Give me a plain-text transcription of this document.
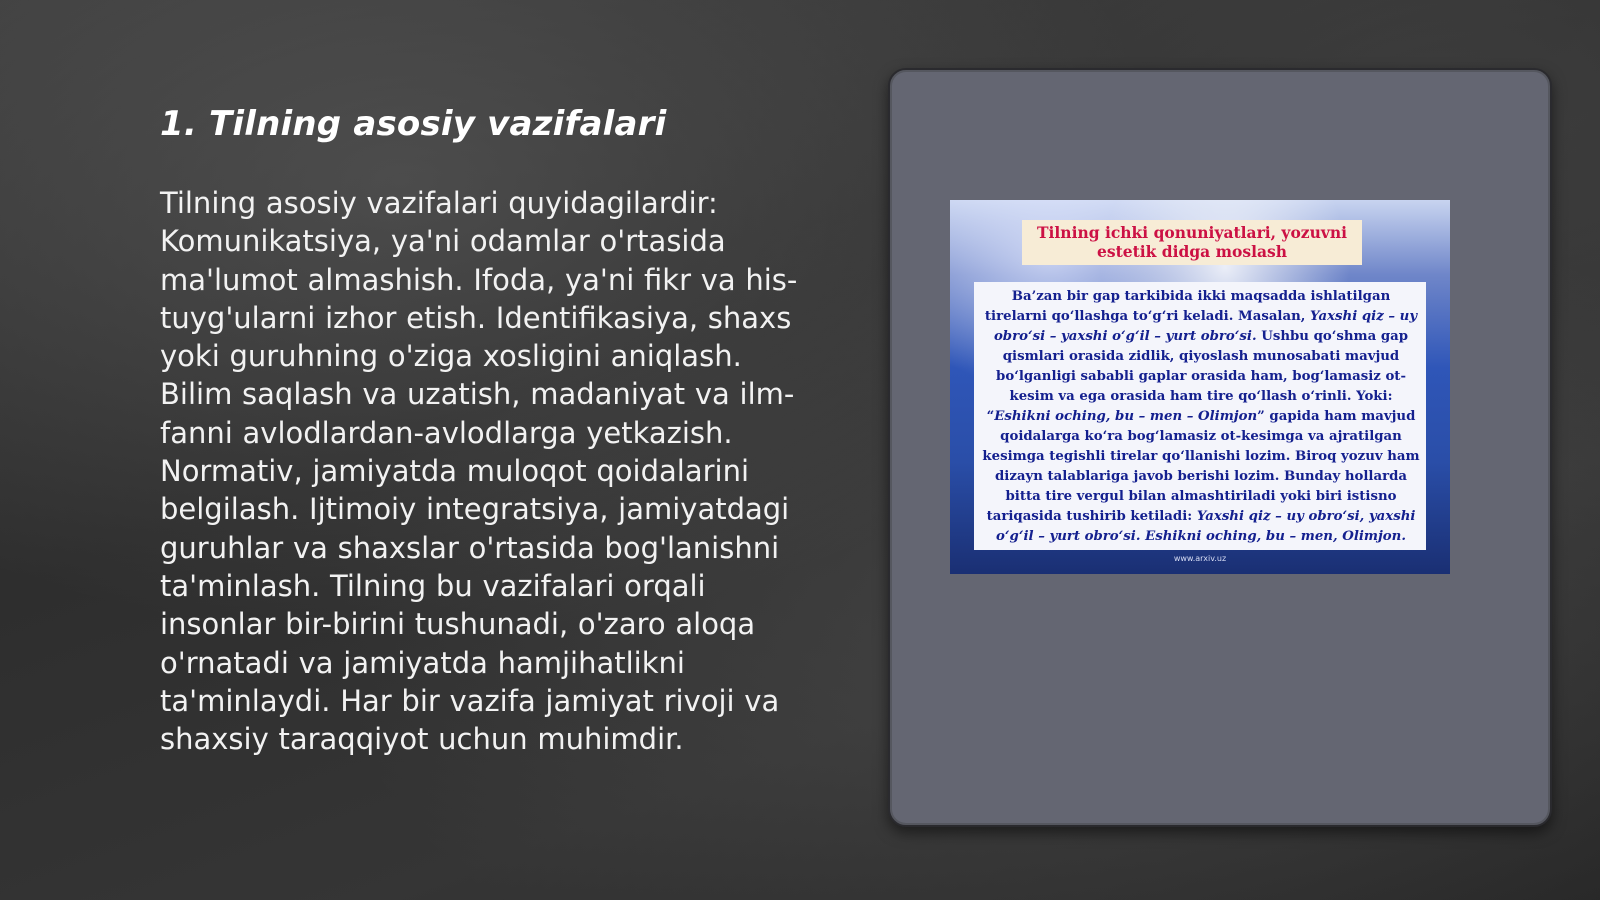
1. Tilning asosiy vazifalari

Tilning asosiy vazifalari quyidagilardir: Komunikatsiya, ya'ni odamlar o'rtasida ma'lumot almashish. Ifoda, ya'ni fikr va his-tuyg'ularni izhor etish. Identifikasiya, shaxs yoki guruhning o'ziga xosligini aniqlash. Bilim saqlash va uzatish, madaniyat va ilm-fanni avlodlardan-avlodlarga yetkazish. Normativ, jamiyatda muloqot qoidalarini belgilash. Ijtimoiy integratsiya, jamiyatdagi guruhlar va shaxslar o'rtasida bog'lanishni ta'minlash. Tilning bu vazifalari orqali insonlar bir-birini tushunadi, o'zaro aloqa o'rnatadi va jamiyatda hamjihatlikni ta'minlaydi. Har bir vazifa jamiyat rivoji va shaxsiy taraqqiyot uchun muhimdir.

Tilning ichki qonuniyatlari, yozuvni estetik didga moslash
Ba’zan bir gap tarkibida ikki maqsadda ishlatilgan tirelarni qo‘llashga to‘g‘ri keladi. Masalan, Yaxshi qiz – uy obro‘si – yaxshi o‘g‘il – yurt obro‘si. Ushbu qo‘shma gap qismlari orasida zidlik, qiyoslash munosabati mavjud bo‘lganligi sababli gaplar orasida ham, bog‘lamasiz ot-kesim va ega orasida ham tire qo‘llash o‘rinli. Yoki: “Eshikni oching, bu – men – Olimjon” gapida ham mavjud qoidalarga ko‘ra bog‘lamasiz ot-kesimga va ajratilgan kesimga tegishli tirelar qo‘llanishi lozim. Biroq yozuv ham dizayn talablariga javob berishi lozim. Bunday hollarda bitta tire vergul bilan almashtiriladi yoki biri istisno tariqasida tushirib ketiladi: Yaxshi qiz – uy obro‘si, yaxshi o‘g‘il – yurt obro‘si. Eshikni oching, bu – men, Olimjon.
www.arxiv.uz
